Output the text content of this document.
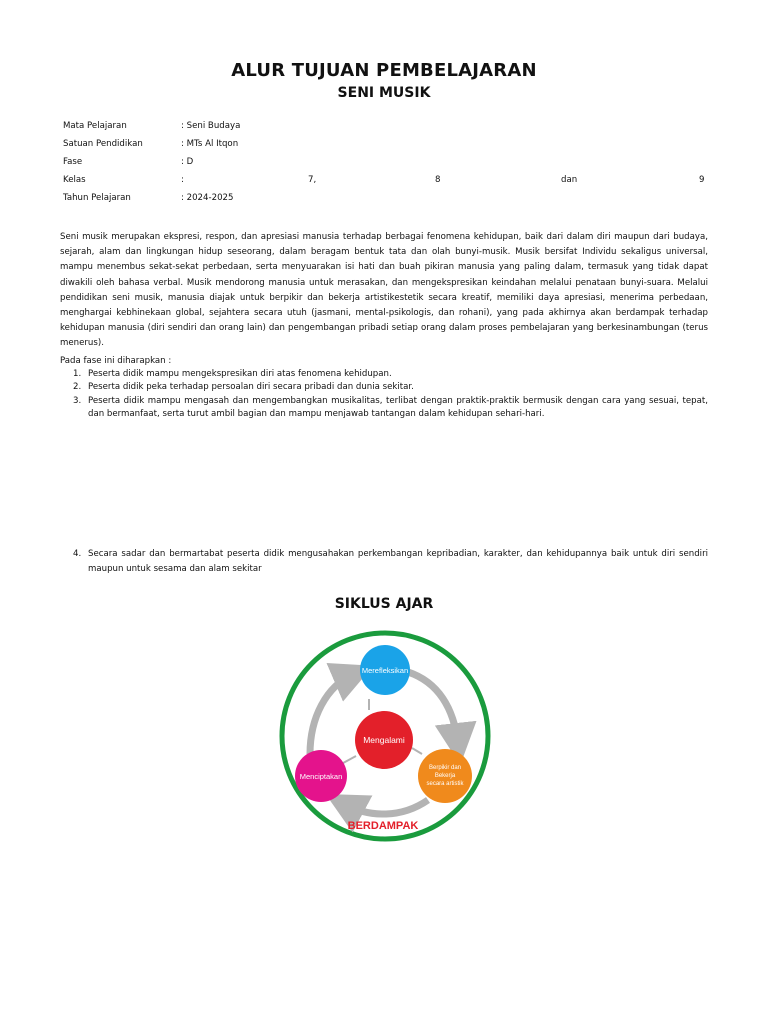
ALUR TUJUAN PEMBELAJARAN
SENI MUSIK
Mata Pelajaran	: Seni Budaya
Satuan Pendidikan	: MTs Al Itqon
Fase	: D
Kelas	:	7,	8	dan	9
Tahun Pelajaran	: 2024-2025

Seni musik merupakan ekspresi, respon, dan apresiasi manusia terhadap berbagai fenomena kehidupan, baik dari dalam diri maupun dari budaya, sejarah, alam dan lingkungan hidup seseorang, dalam beragam bentuk tata dan olah bunyi-musik. Musik bersifat Individu sekaligus universal, mampu menembus sekat-sekat perbedaan, serta menyuarakan isi hati dan buah pikiran manusia yang paling dalam, termasuk yang tidak dapat diwakili oleh bahasa verbal. Musik mendorong manusia untuk merasakan, dan mengekspresikan keindahan melalui penataan bunyi-suara. Melalui pendidikan seni musik, manusia diajak untuk berpikir dan bekerja artistikestetik secara kreatif, memiliki daya apresiasi, menerima perbedaan, menghargai kebhinekaan global, sejahtera secara utuh (jasmani, mental-psikologis, dan rohani), yang pada akhirnya akan berdampak terhadap kehidupan manusia (diri sendiri dan orang lain) dan pengembangan pribadi setiap orang dalam proses pembelajaran yang berkesinambungan (terus menerus).

Pada fase ini diharapkan :
1. Peserta didik mampu mengekspresikan diri atas fenomena kehidupan.
2. Peserta didik peka terhadap persoalan diri secara pribadi dan dunia sekitar.
3. Peserta didik mampu mengasah dan mengembangkan musikalitas, terlibat dengan praktik-praktik bermusik dengan cara yang sesuai, tepat, dan bermanfaat, serta turut ambil bagian dan mampu menjawab tantangan dalam kehidupan sehari-hari.
4. Secara sadar dan bermartabat peserta didik mengusahakan perkembangan kepribadian, karakter, dan kehidupannya baik untuk diri sendiri maupun untuk sesama dan alam sekitar
SIKLUS AJAR
Merefleksikan
Mengalami
Menciptakan
Berpikir dan
Bekerja
secara artistik
BERDAMPAK
